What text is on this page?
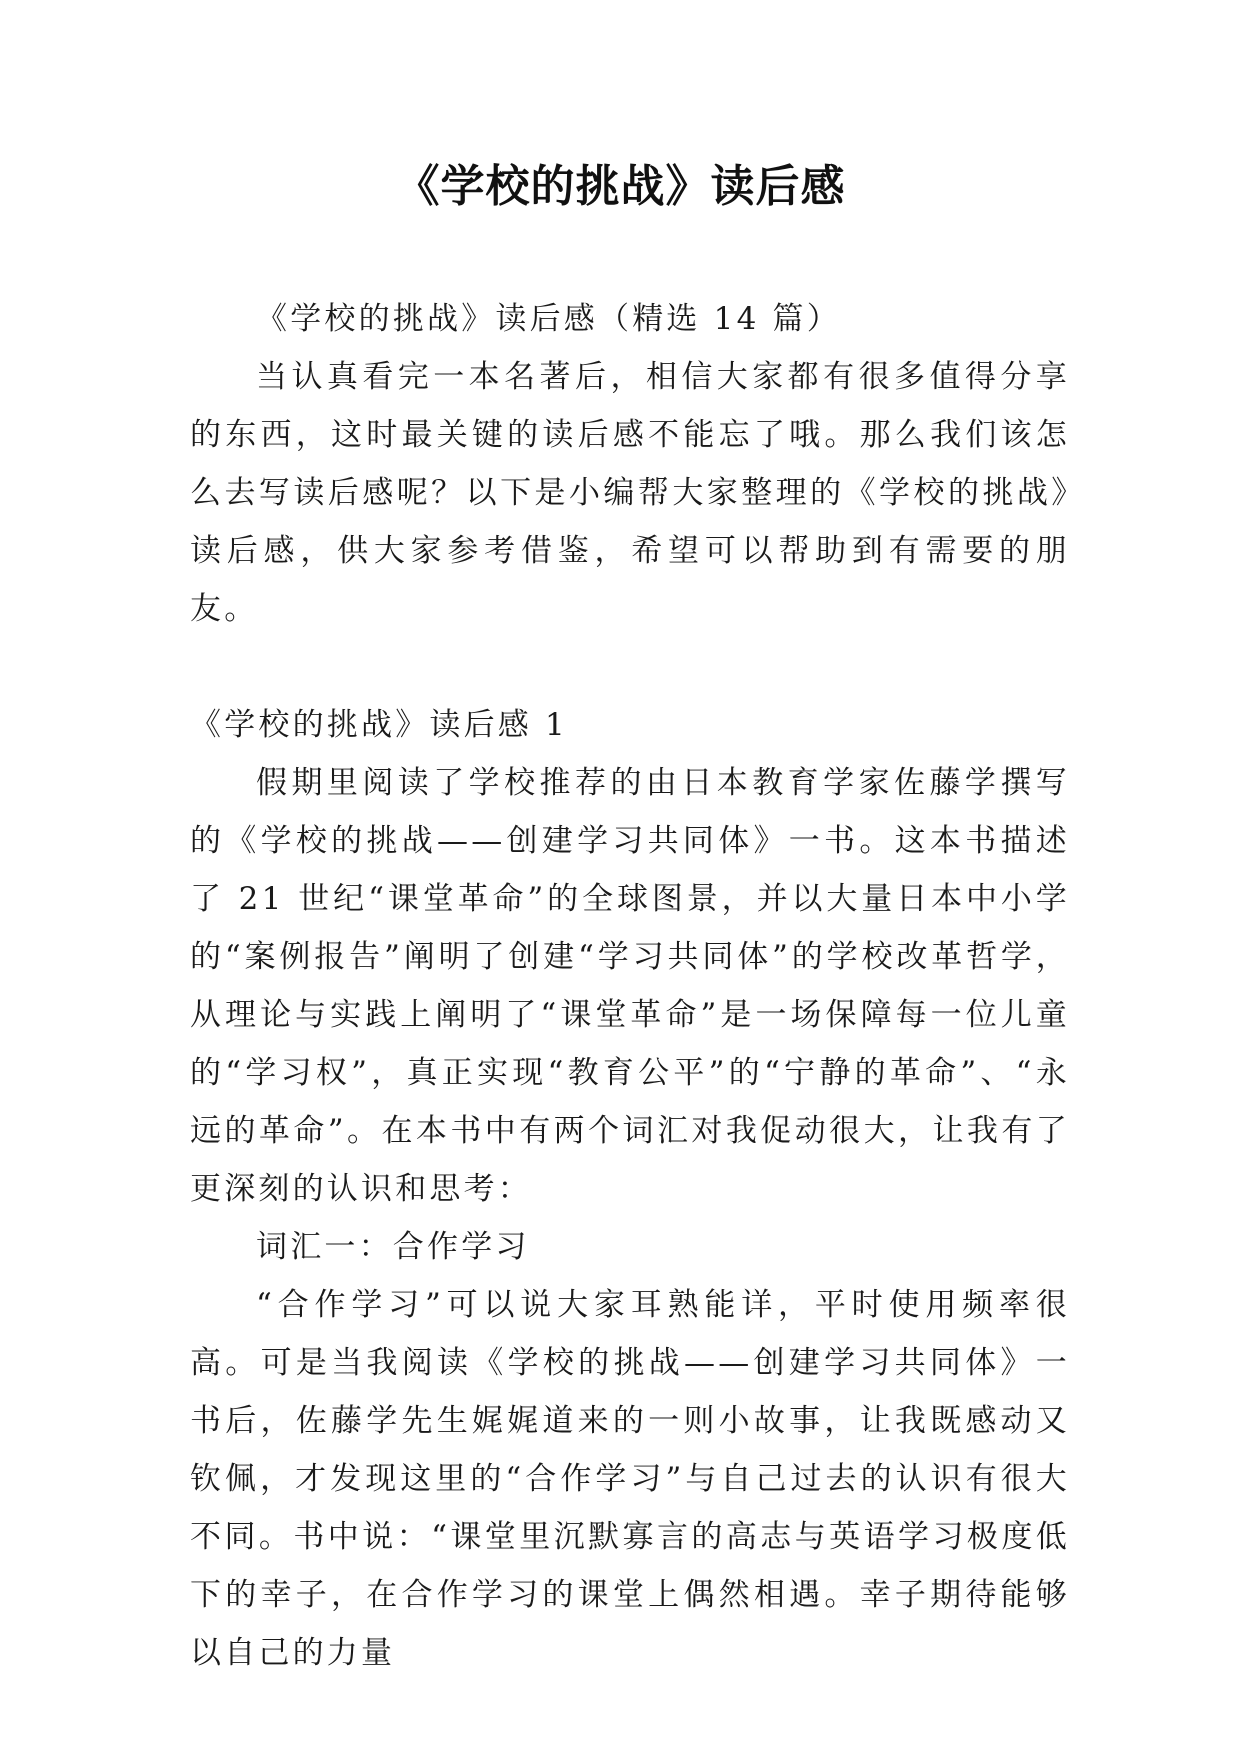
《学校的挑战》读后感

《学校的挑战》读后感（精选 14 篇）

当认真看完一本名著后，相信大家都有很多值得分享的东西，这时最关键的读后感不能忘了哦。那么我们该怎么去写读后感呢？以下是小编帮大家整理的《学校的挑战》读后感，供大家参考借鉴，希望可以帮助到有需要的朋友。

《学校的挑战》读后感 1

假期里阅读了学校推荐的由日本教育学家佐藤学撰写的《学校的挑战——创建学习共同体》一书。这本书描述了 21 世纪“课堂革命”的全球图景，并以大量日本中小学的“案例报告”阐明了创建“学习共同体”的学校改革哲学，从理论与实践上阐明了“课堂革命”是一场保障每一位儿童的“学习权”，真正实现“教育公平”的“宁静的革命”、“永远的革命”。在本书中有两个词汇对我促动很大，让我有了更深刻的认识和思考：

词汇一：合作学习

“合作学习”可以说大家耳熟能详，平时使用频率很高。可是当我阅读《学校的挑战——创建学习共同体》一书后，佐藤学先生娓娓道来的一则小故事，让我既感动又钦佩，才发现这里的“合作学习”与自己过去的认识有很大不同。书中说：“课堂里沉默寡言的高志与英语学习极度低下的幸子，在合作学习的课堂上偶然相遇。幸子期待能够以自己的力量
